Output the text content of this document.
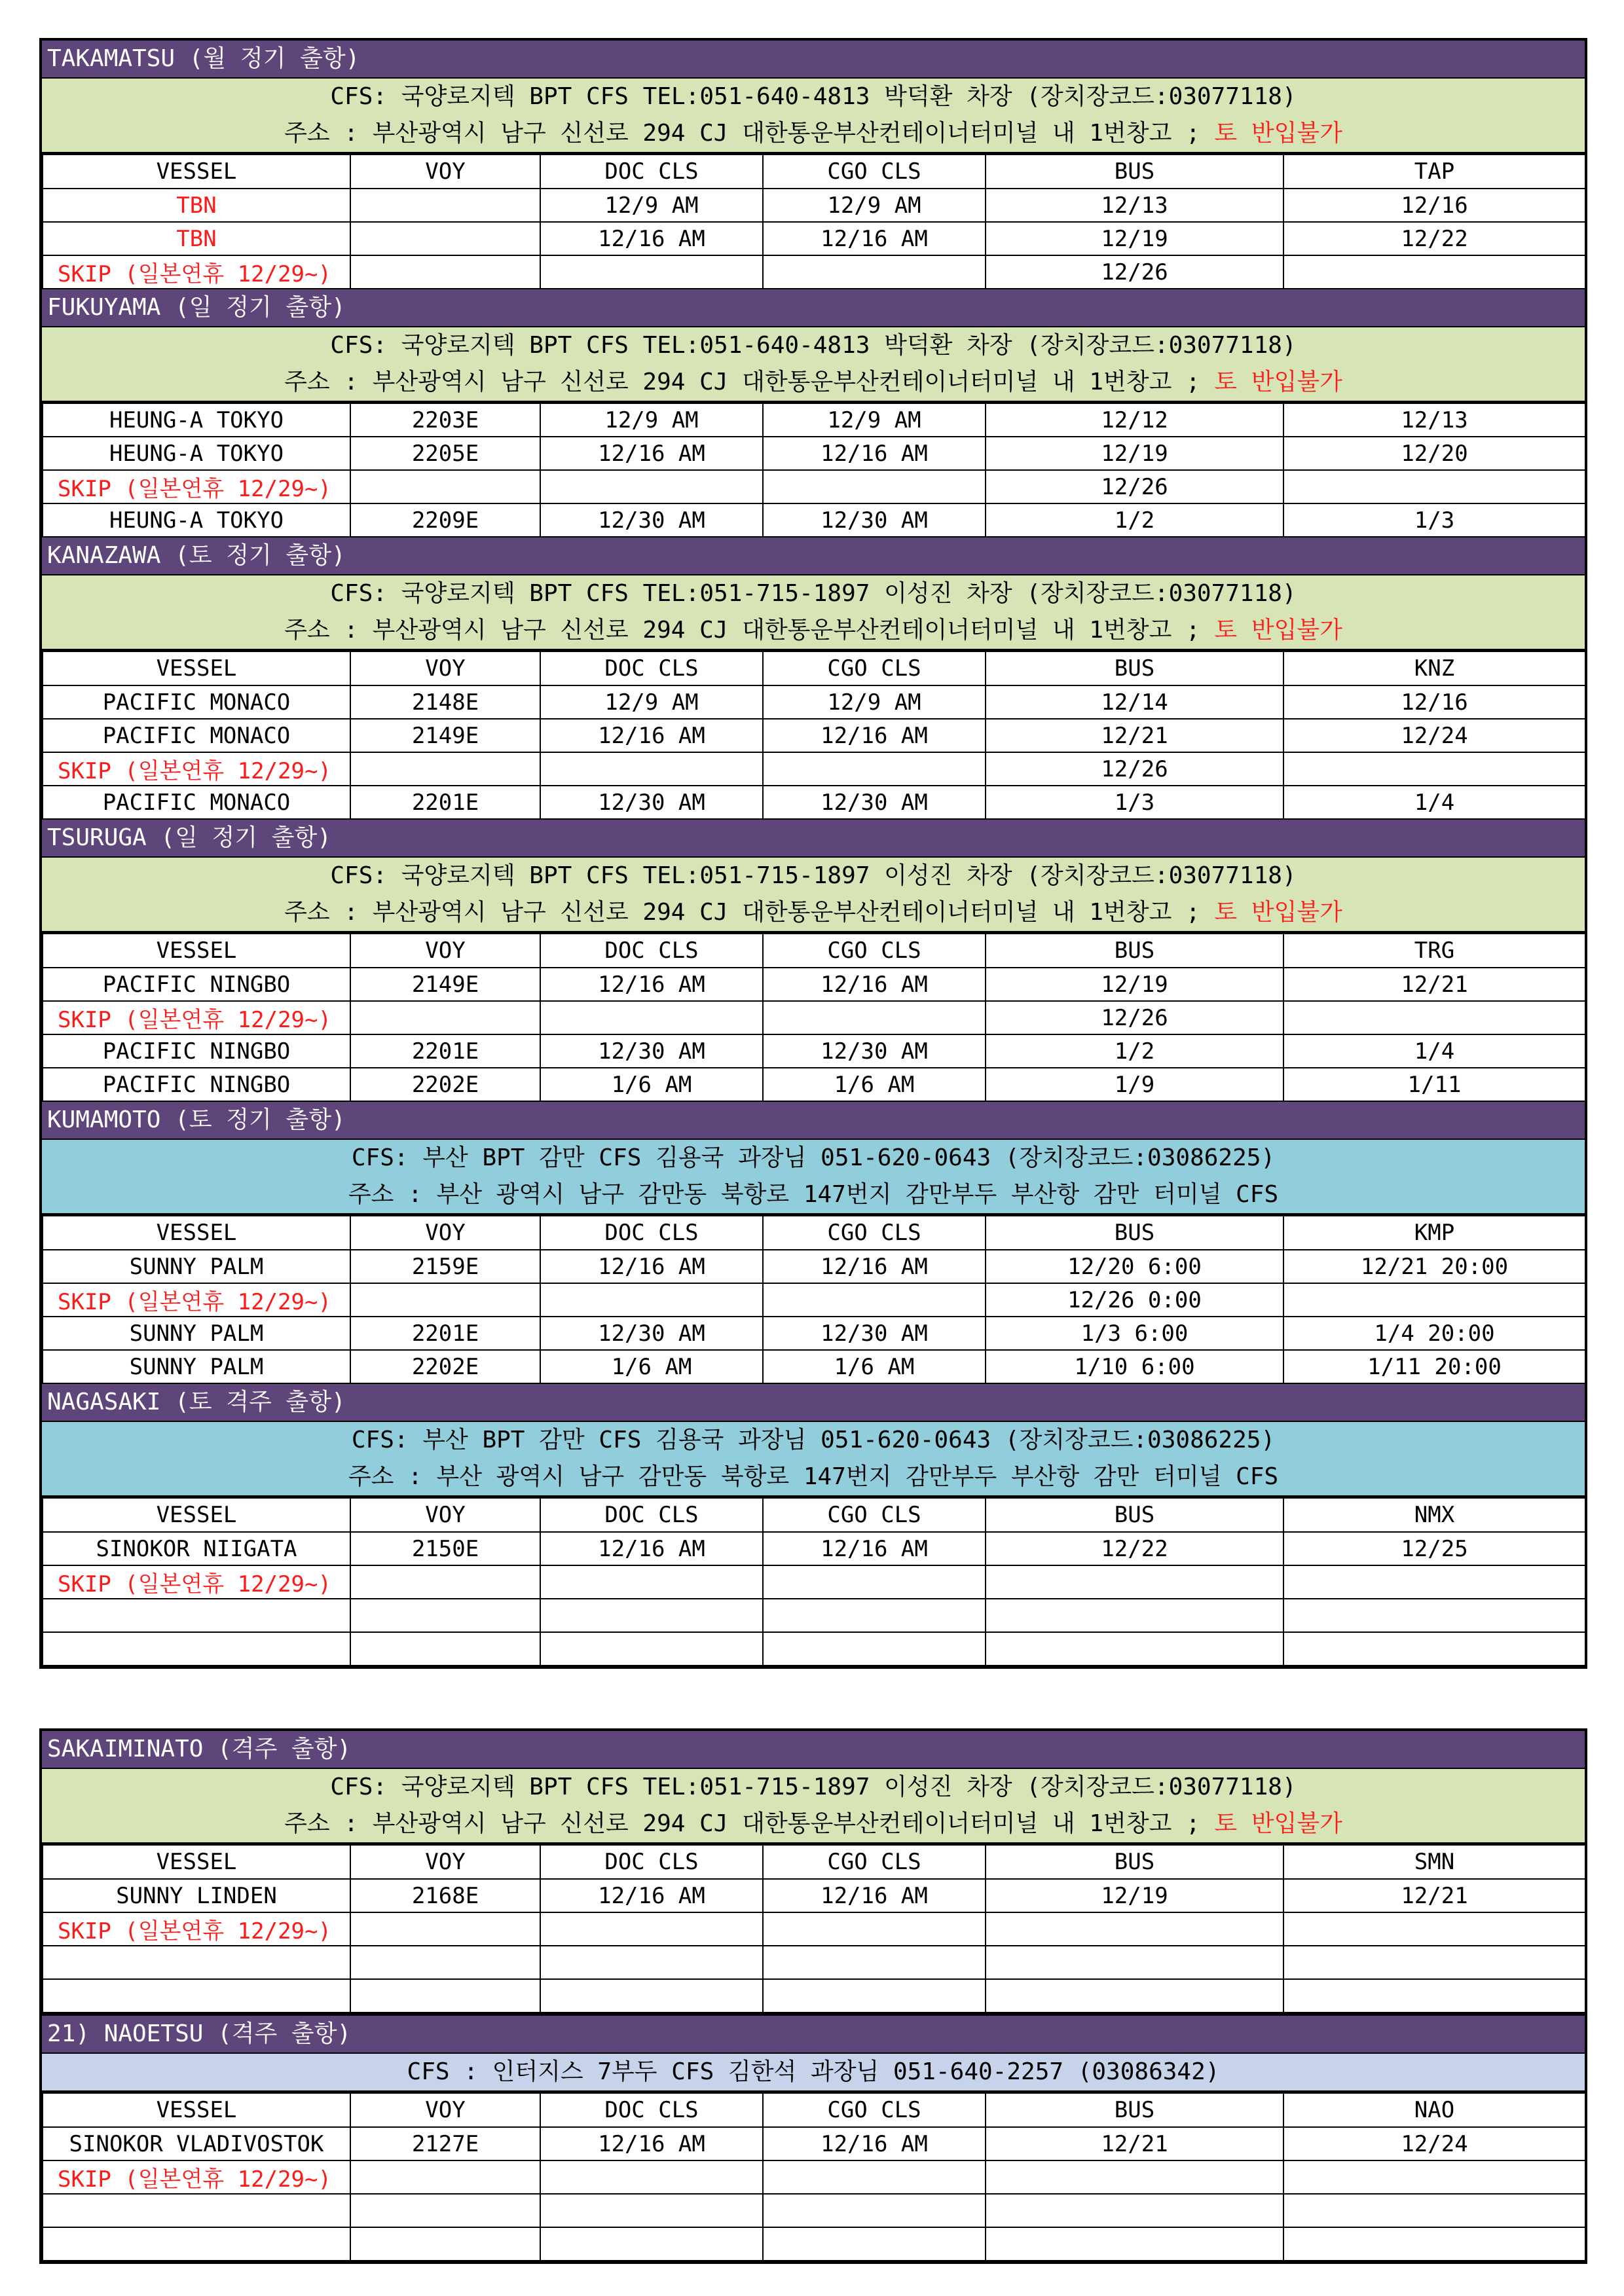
TAKAMATSU (월 정기 출항)
CFS: 국양로지텍 BPT CFS TEL:051-640-4813 박덕환 차장 (장치장코드:03077118)
주소 : 부산광역시 남구 신선로 294 CJ 대한통운부산컨테이너터미널 내 1번창고 ; 토 반입불가
VESSEL	VOY	DOC CLS	CGO CLS	BUS	TAP
TBN		12/9 AM	12/9 AM	12/13	12/16
TBN		12/16 AM	12/16 AM	12/19	12/22
SKIP (일본연휴 12/29~)				12/26	
FUKUYAMA (일 정기 출항)
CFS: 국양로지텍 BPT CFS TEL:051-640-4813 박덕환 차장 (장치장코드:03077118)
주소 : 부산광역시 남구 신선로 294 CJ 대한통운부산컨테이너터미널 내 1번창고 ; 토 반입불가
HEUNG-A TOKYO	2203E	12/9 AM	12/9 AM	12/12	12/13
HEUNG-A TOKYO	2205E	12/16 AM	12/16 AM	12/19	12/20
SKIP (일본연휴 12/29~)				12/26	
HEUNG-A TOKYO	2209E	12/30 AM	12/30 AM	1/2	1/3
KANAZAWA (토 정기 출항)
CFS: 국양로지텍 BPT CFS TEL:051-715-1897 이성진 차장 (장치장코드:03077118)
주소 : 부산광역시 남구 신선로 294 CJ 대한통운부산컨테이너터미널 내 1번창고 ; 토 반입불가
VESSEL	VOY	DOC CLS	CGO CLS	BUS	KNZ
PACIFIC MONACO	2148E	12/9 AM	12/9 AM	12/14	12/16
PACIFIC MONACO	2149E	12/16 AM	12/16 AM	12/21	12/24
SKIP (일본연휴 12/29~)				12/26	
PACIFIC MONACO	2201E	12/30 AM	12/30 AM	1/3	1/4
TSURUGA (일 정기 출항)
CFS: 국양로지텍 BPT CFS TEL:051-715-1897 이성진 차장 (장치장코드:03077118)
주소 : 부산광역시 남구 신선로 294 CJ 대한통운부산컨테이너터미널 내 1번창고 ; 토 반입불가
VESSEL	VOY	DOC CLS	CGO CLS	BUS	TRG
PACIFIC NINGBO	2149E	12/16 AM	12/16 AM	12/19	12/21
SKIP (일본연휴 12/29~)				12/26	
PACIFIC NINGBO	2201E	12/30 AM	12/30 AM	1/2	1/4
PACIFIC NINGBO	2202E	1/6 AM	1/6 AM	1/9	1/11
KUMAMOTO (토 정기 출항)
CFS: 부산 BPT 감만 CFS 김용국 과장님 051-620-0643 (장치장코드:03086225)
주소 : 부산 광역시 남구 감만동 북항로 147번지 감만부두 부산항 감만 터미널 CFS
VESSEL	VOY	DOC CLS	CGO CLS	BUS	KMP
SUNNY PALM	2159E	12/16 AM	12/16 AM	12/20 6:00	12/21 20:00
SKIP (일본연휴 12/29~)				12/26 0:00	
SUNNY PALM	2201E	12/30 AM	12/30 AM	1/3 6:00	1/4 20:00
SUNNY PALM	2202E	1/6 AM	1/6 AM	1/10 6:00	1/11 20:00
NAGASAKI (토 격주 출항)
CFS: 부산 BPT 감만 CFS 김용국 과장님 051-620-0643 (장치장코드:03086225)
주소 : 부산 광역시 남구 감만동 북항로 147번지 감만부두 부산항 감만 터미널 CFS
VESSEL	VOY	DOC CLS	CGO CLS	BUS	NMX
SINOKOR NIIGATA	2150E	12/16 AM	12/16 AM	12/22	12/25
SKIP (일본연휴 12/29~)					

SAKAIMINATO (격주 출항)
CFS: 국양로지텍 BPT CFS TEL:051-715-1897 이성진 차장 (장치장코드:03077118)
주소 : 부산광역시 남구 신선로 294 CJ 대한통운부산컨테이너터미널 내 1번창고 ; 토 반입불가
VESSEL	VOY	DOC CLS	CGO CLS	BUS	SMN
SUNNY LINDEN	2168E	12/16 AM	12/16 AM	12/19	12/21
SKIP (일본연휴 12/29~)					

21) NAOETSU (격주 출항)
CFS : 인터지스 7부두 CFS 김한석 과장님 051-640-2257 (03086342)
VESSEL	VOY	DOC CLS	CGO CLS	BUS	NAO
SINOKOR VLADIVOSTOK	2127E	12/16 AM	12/16 AM	12/21	12/24
SKIP (일본연휴 12/29~)					
